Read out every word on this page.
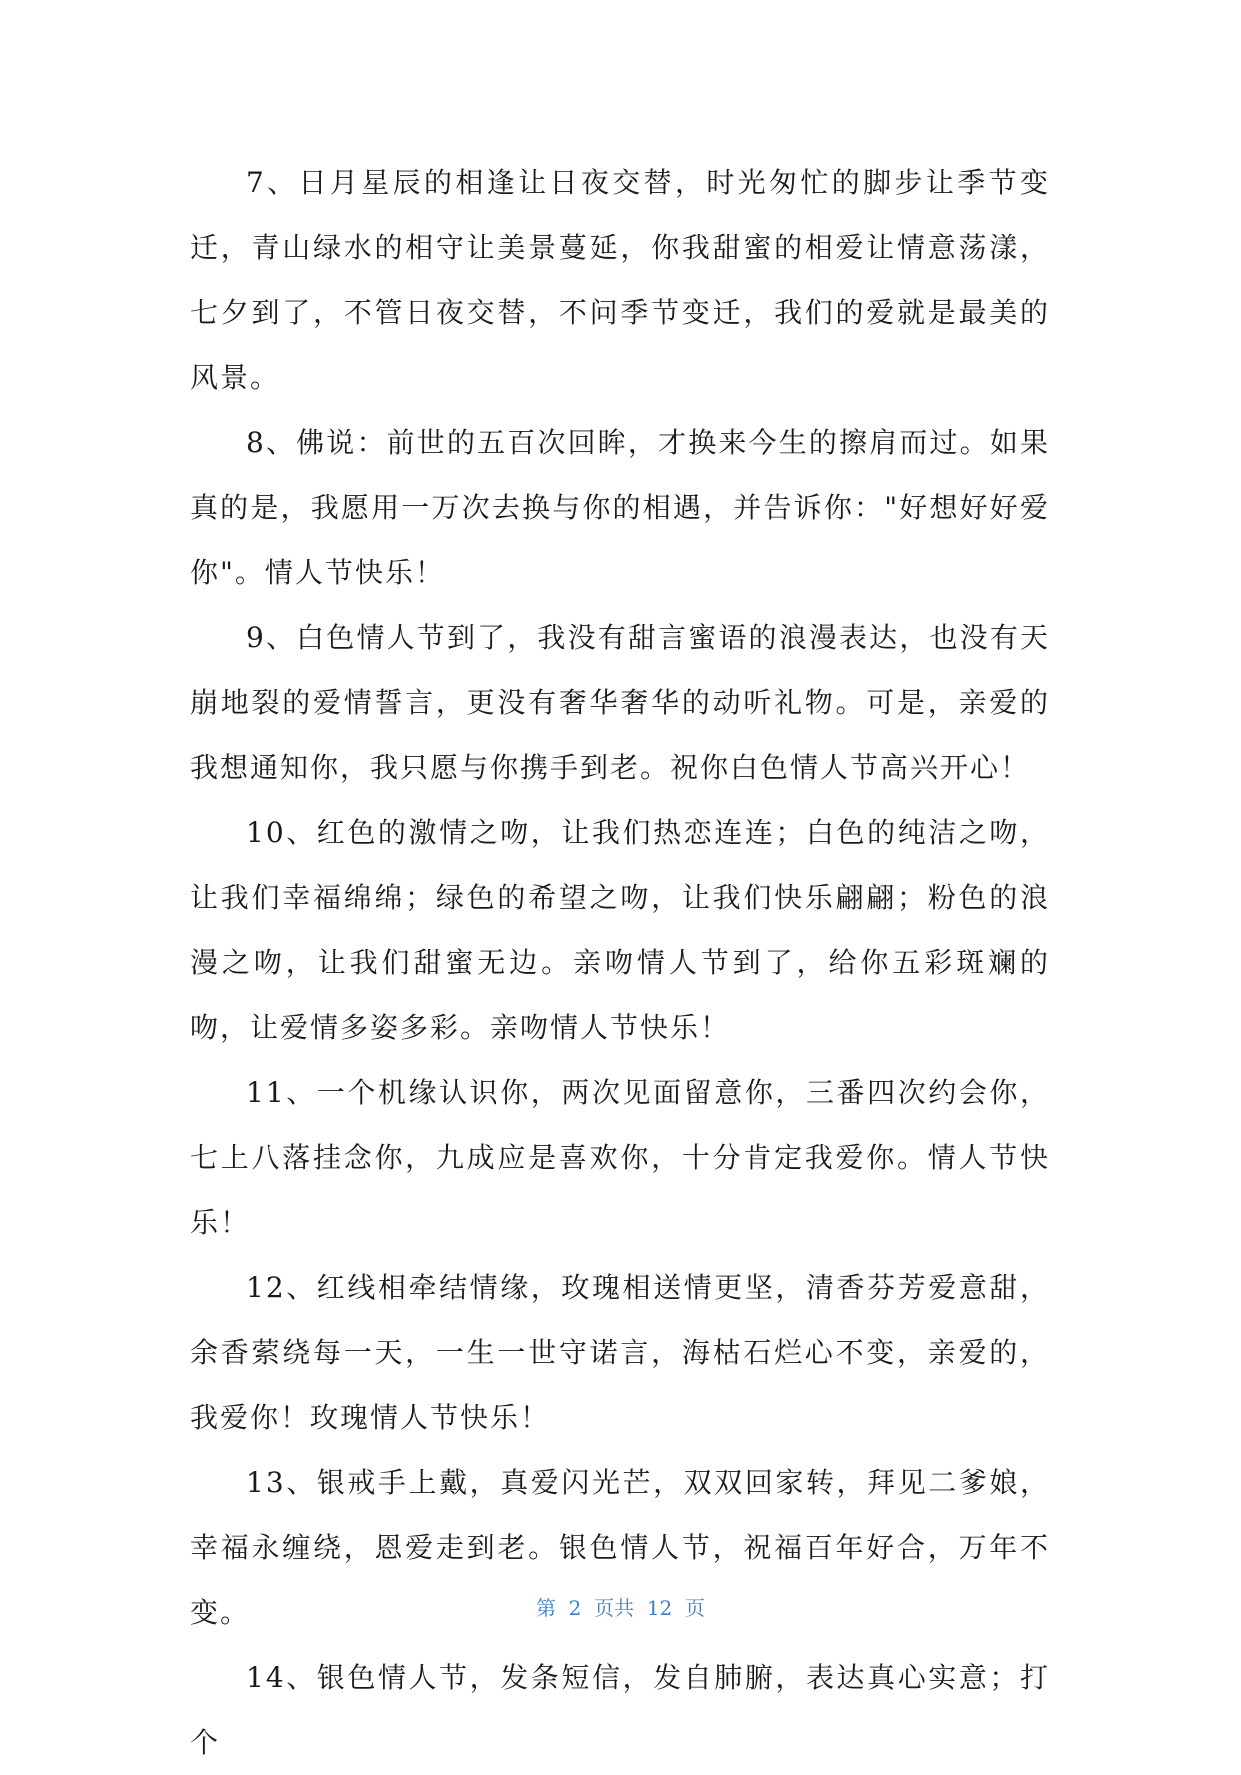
7、日月星辰的相逢让日夜交替，时光匆忙的脚步让季节变迁，青山绿水的相守让美景蔓延，你我甜蜜的相爱让情意荡漾，七夕到了，不管日夜交替，不问季节变迁，我们的爱就是最美的风景。

8、佛说：前世的五百次回眸，才换来今生的擦肩而过。如果真的是，我愿用一万次去换与你的相遇，并告诉你："好想好好爱你"。情人节快乐！

9、白色情人节到了，我没有甜言蜜语的浪漫表达，也没有天崩地裂的爱情誓言，更没有奢华奢华的动听礼物。可是，亲爱的我想通知你，我只愿与你携手到老。祝你白色情人节高兴开心！

10、红色的激情之吻，让我们热恋连连；白色的纯洁之吻，让我们幸福绵绵；绿色的希望之吻，让我们快乐翩翩；粉色的浪漫之吻，让我们甜蜜无边。亲吻情人节到了，给你五彩斑斓的吻，让爱情多姿多彩。亲吻情人节快乐！

11、一个机缘认识你，两次见面留意你，三番四次约会你，七上八落挂念你，九成应是喜欢你，十分肯定我爱你。情人节快乐！

12、红线相牵结情缘，玫瑰相送情更坚，清香芬芳爱意甜，余香萦绕每一天，一生一世守诺言，海枯石烂心不变，亲爱的，我爱你！玫瑰情人节快乐！

13、银戒手上戴，真爱闪光芒，双双回家转，拜见二爹娘，幸福永缠绕，恩爱走到老。银色情人节，祝福百年好合，万年不变。

14、银色情人节，发条短信，发自肺腑，表达真心实意；打个

第  2  页共  12  页
